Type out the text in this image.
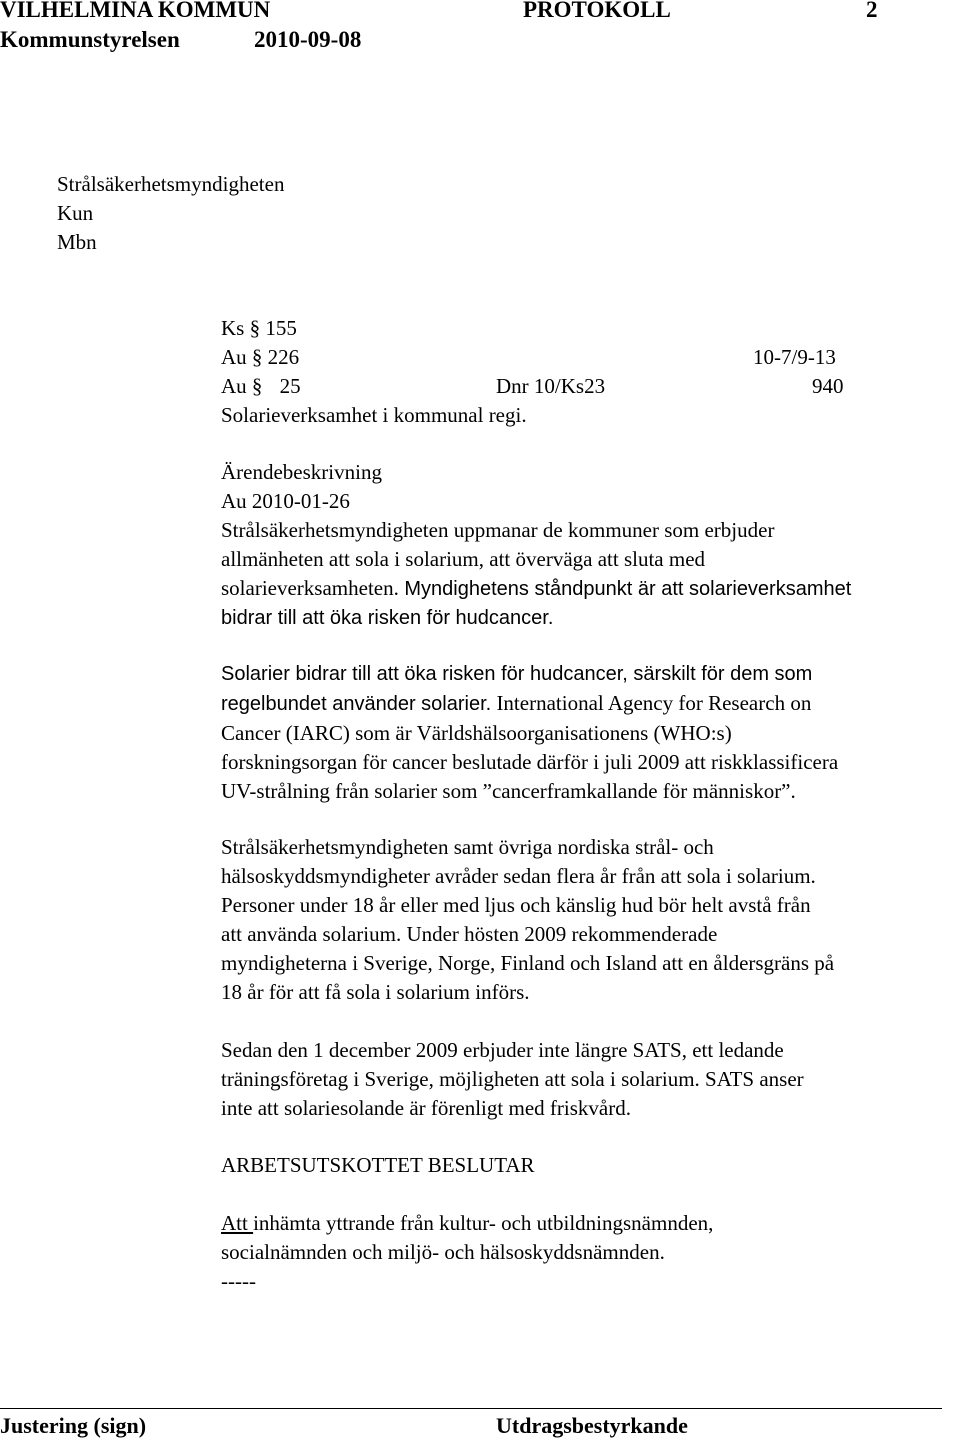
VILHELMINA KOMMUN	PROTOKOLL	2
Kommunstyrelsen	2010-09-08
Strålsäkerhetsmyndigheten
Kun
Mbn
Ks § 155
Au § 226	10-7/9-13
Au § 25	Dnr 10/Ks23	940
Solarieverksamhet i kommunal regi.
Ärendebeskrivning
Au 2010-01-26
Strålsäkerhetsmyndigheten uppmanar de kommuner som erbjuder
allmänheten att sola i solarium, att överväga att sluta med
solarieverksamheten. Myndighetens ståndpunkt är att solarieverksamhet
bidrar till att öka risken för hudcancer.
Solarier bidrar till att öka risken för hudcancer, särskilt för dem som
regelbundet använder solarier. International Agency for Research on
Cancer (IARC) som är Världshälsoorganisationens (WHO:s)
forskningsorgan för cancer beslutade därför i juli 2009 att riskklassificera
UV-strålning från solarier som ”cancerframkallande för människor”.
Strålsäkerhetsmyndigheten samt övriga nordiska strål- och
hälsoskyddsmyndigheter avråder sedan flera år från att sola i solarium.
Personer under 18 år eller med ljus och känslig hud bör helt avstå från
att använda solarium. Under hösten 2009 rekommenderade
myndigheterna i Sverige, Norge, Finland och Island att en åldersgräns på
18 år för att få sola i solarium införs.
Sedan den 1 december 2009 erbjuder inte längre SATS, ett ledande
träningsföretag i Sverige, möjligheten att sola i solarium. SATS anser
inte att solariesolande är förenligt med friskvård.
ARBETSUTSKOTTET BESLUTAR
Att inhämta yttrande från kultur- och utbildningsnämnden,
socialnämnden och miljö- och hälsoskyddsnämnden.
-----
Justering (sign)	Utdragsbestyrkande
